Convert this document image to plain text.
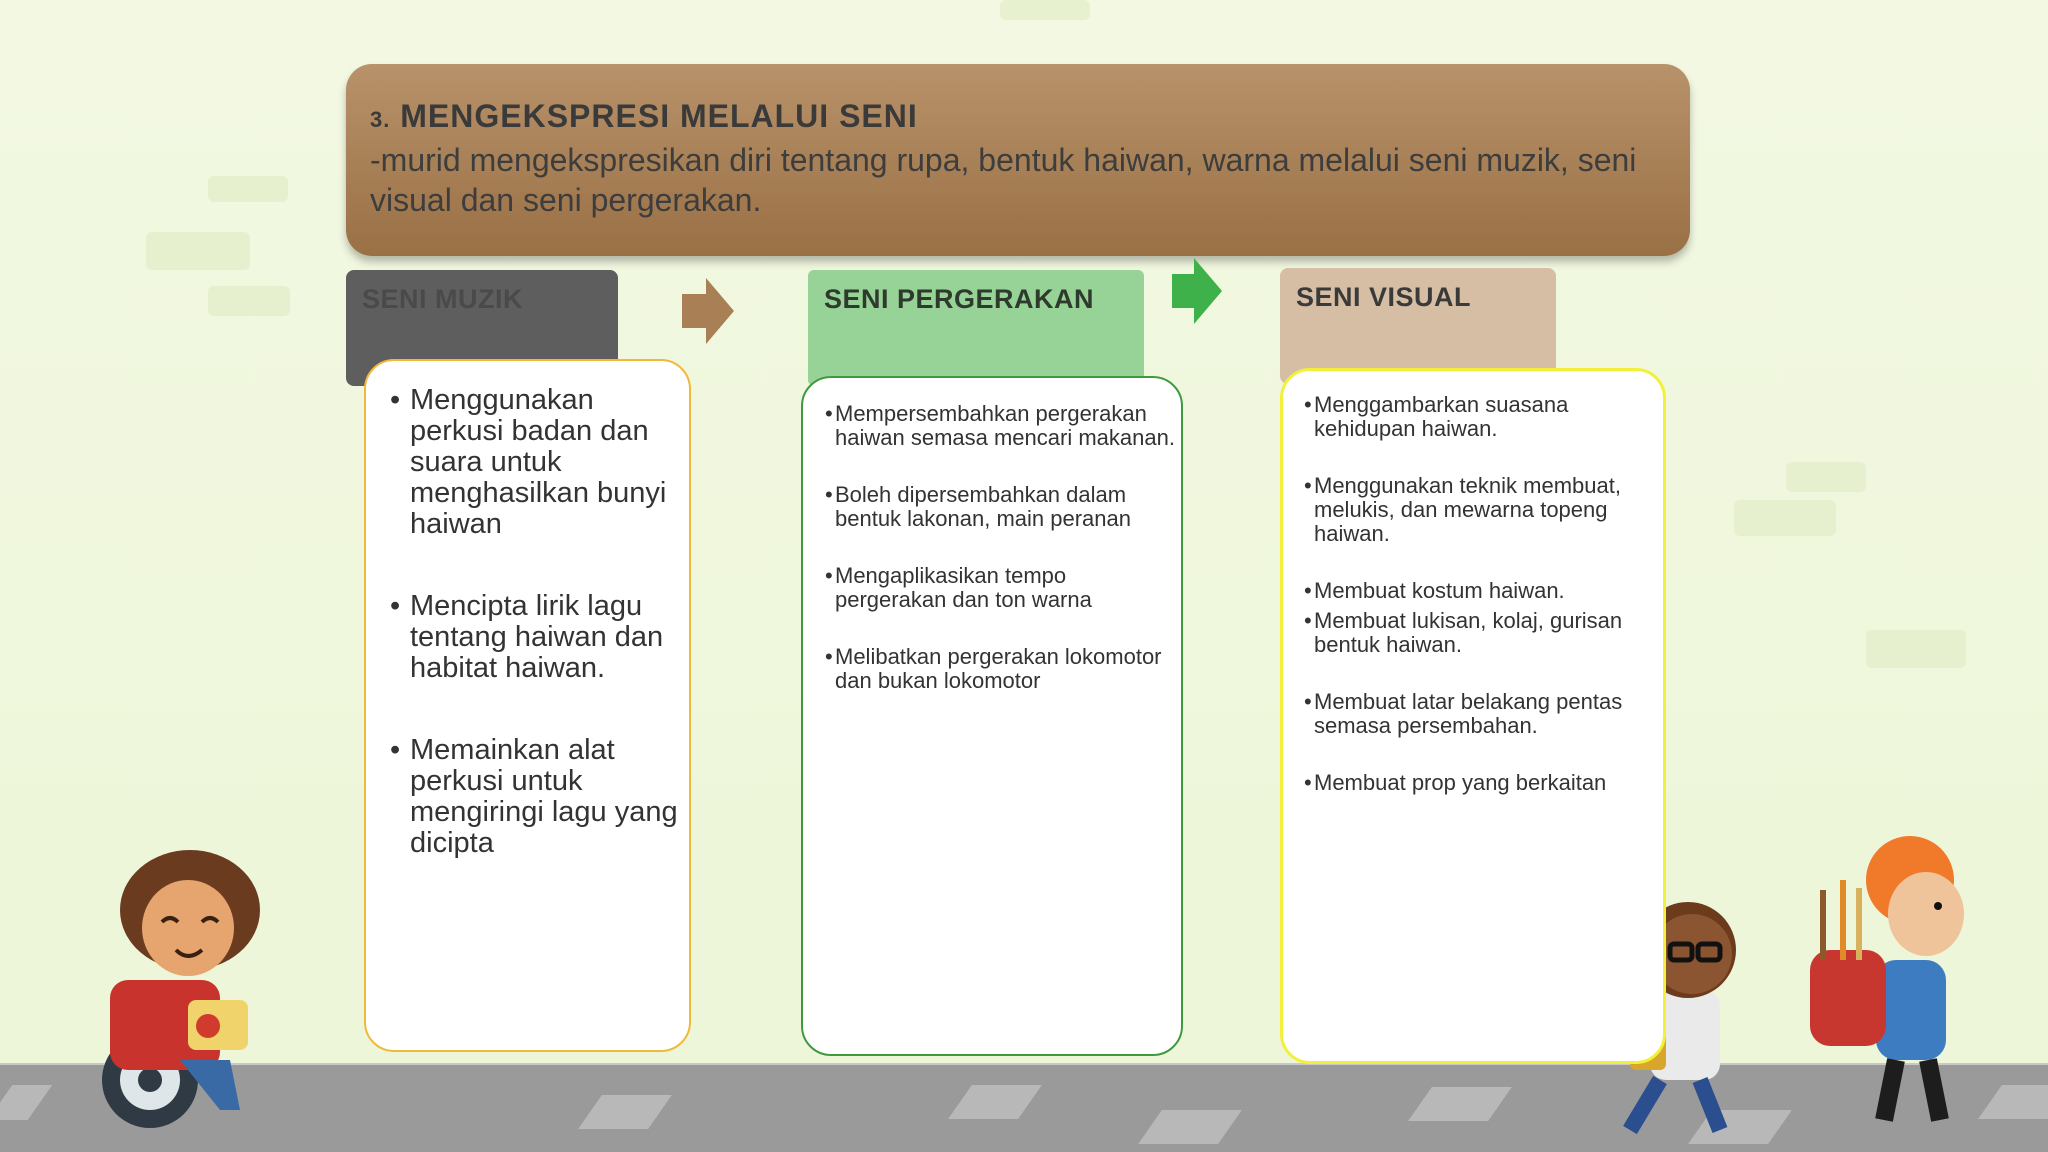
3. MENGEKSPRESI MELALUI SENI
-murid mengekspresikan diri tentang rupa, bentuk haiwan, warna melalui seni muzik, seni visual dan seni pergerakan.
SENI MUZIK	SENI PERGERAKAN	SENI VISUAL
• Menggunakan perkusi badan dan suara untuk menghasilkan bunyi haiwan
• Mencipta lirik lagu tentang haiwan dan habitat haiwan.
• Memainkan alat perkusi untuk mengiringi lagu yang dicipta
• Mempersembahkan pergerakan haiwan semasa mencari makanan.
• Boleh dipersembahkan dalam bentuk lakonan, main peranan
• Mengaplikasikan tempo pergerakan dan ton warna
• Melibatkan pergerakan lokomotor dan bukan lokomotor
• Menggambarkan suasana kehidupan haiwan.
• Menggunakan teknik membuat, melukis, dan mewarna topeng haiwan.
• Membuat kostum haiwan.
• Membuat lukisan, kolaj, gurisan bentuk haiwan.
• Membuat latar belakang pentas semasa persembahan.
• Membuat prop yang berkaitan
